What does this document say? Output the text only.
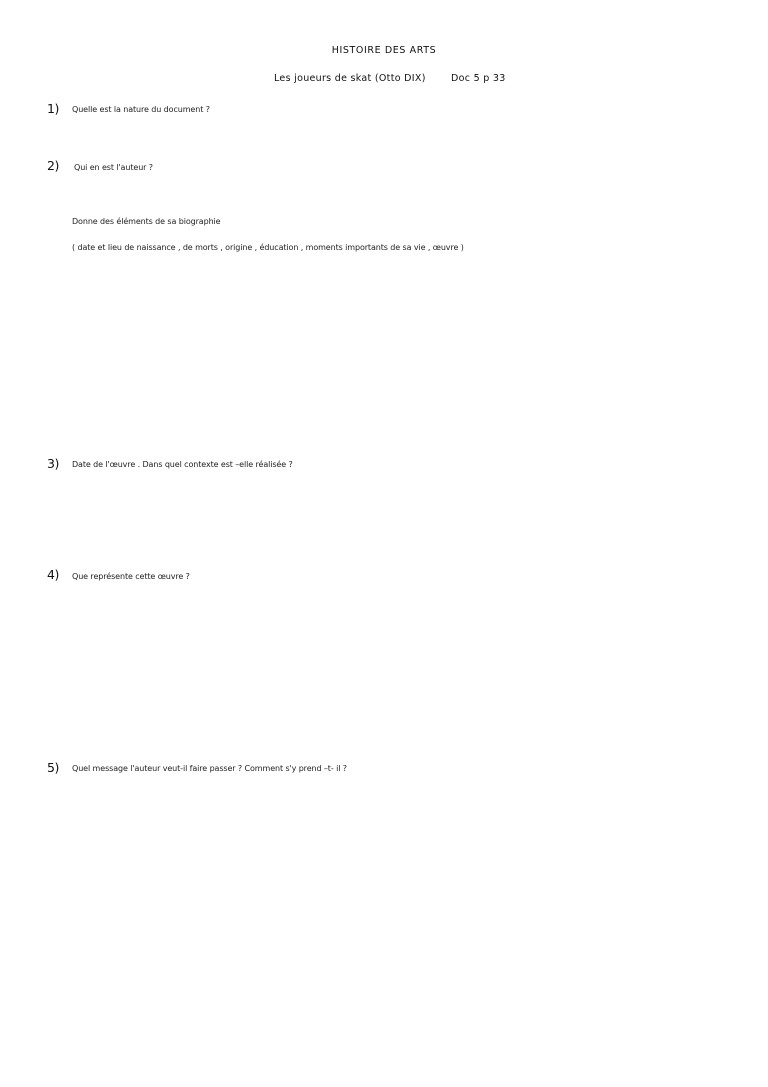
HISTOIRE DES ARTS
Les joueurs de skat (Otto DIX)	Doc 5 p 33
1) Quelle est la nature du document ?
2) Qui en est l'auteur ?
Donne des éléments de sa biographie
( date et lieu de naissance , de morts , origine , éducation , moments importants de sa vie , œuvre )
3) Date de l'œuvre . Dans quel contexte est –elle réalisée ?
4) Que représente cette œuvre ?
5) Quel message l'auteur veut-il faire passer ? Comment s'y prend –t- il ?
